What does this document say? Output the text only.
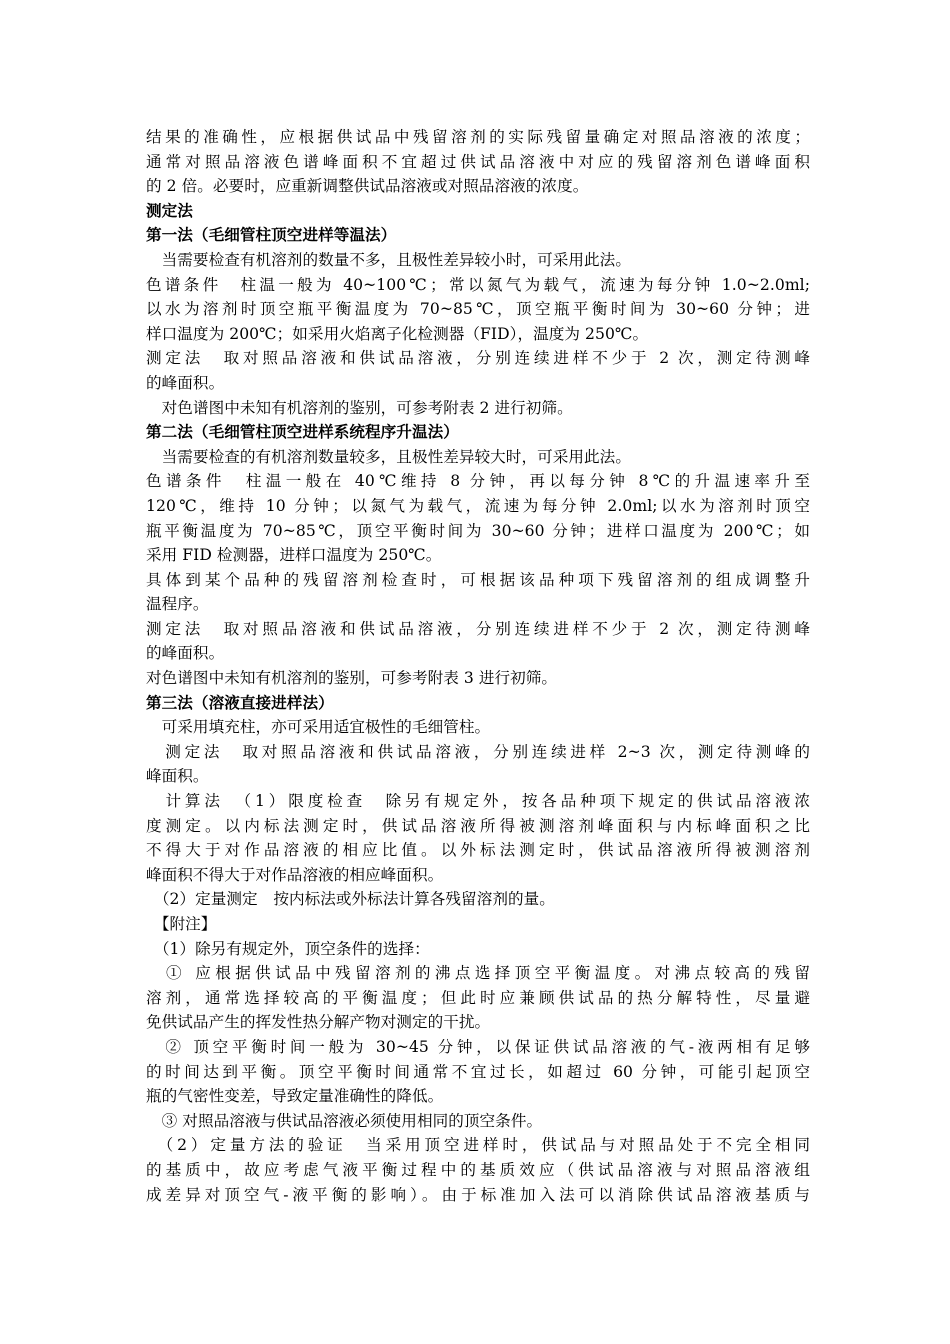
结果的准确性，应根据供试品中残留溶剂的实际残留量确定对照品溶液的浓度；
通常对照品溶液色谱峰面积不宜超过供试品溶液中对应的残留溶剂色谱峰面积
的 2 倍。必要时，应重新调整供试品溶液或对照品溶液的浓度。
测定法
第一法（毛细管柱顶空进样等温法）
　当需要检查有机溶剂的数量不多，且极性差异较小时，可采用此法。
色谱条件　柱温一般为 40~100℃；常以氮气为载气，流速为每分钟 1.0~2.0ml;
以水为溶剂时顶空瓶平衡温度为 70~85℃，顶空瓶平衡时间为 30~60 分钟；进
样口温度为 200℃；如采用火焰离子化检测器（FID），温度为 250℃。
测定法　取对照品溶液和供试品溶液，分别连续进样不少于 2 次，测定待测峰
的峰面积。
　对色谱图中未知有机溶剂的鉴别，可参考附表 2 进行初筛。
第二法（毛细管柱顶空进样系统程序升温法）
　当需要检查的有机溶剂数量较多，且极性差异较大时，可采用此法。
色谱条件　柱温一般在 40℃维持 8 分钟，再以每分钟 8℃的升温速率升至
120℃，维持 10 分钟；以氮气为载气，流速为每分钟 2.0ml;以水为溶剂时顶空
瓶平衡温度为 70~85℃，顶空平衡时间为 30~60 分钟；进样口温度为 200℃；如
采用 FID 检测器，进样口温度为 250℃。
具体到某个品种的残留溶剂检查时，可根据该品种项下残留溶剂的组成调整升
温程序。
测定法　取对照品溶液和供试品溶液，分别连续进样不少于 2 次，测定待测峰
的峰面积。
对色谱图中未知有机溶剂的鉴别，可参考附表 3 进行初筛。
第三法（溶液直接进样法）
　可采用填充柱，亦可采用适宜极性的毛细管柱。
　测定法　取对照品溶液和供试品溶液，分别连续进样 2~3 次，测定待测峰的
峰面积。
　计算法　（1）限度检查　除另有规定外，按各品种项下规定的供试品溶液浓
度测定。以内标法测定时，供试品溶液所得被测溶剂峰面积与内标峰面积之比
不得大于对作品溶液的相应比值。以外标法测定时，供试品溶液所得被测溶剂
峰面积不得大于对作品溶液的相应峰面积。
　（2）定量测定　按内标法或外标法计算各残留溶剂的量。
　【附注】
　（1）除另有规定外，顶空条件的选择：
　① 应根据供试品中残留溶剂的沸点选择顶空平衡温度。对沸点较高的残留
溶剂，通常选择较高的平衡温度；但此时应兼顾供试品的热分解特性，尽量避
免供试品产生的挥发性热分解产物对测定的干扰。
　② 顶空平衡时间一般为 30~45 分钟，以保证供试品溶液的气-液两相有足够
的时间达到平衡。顶空平衡时间通常不宜过长，如超过 60 分钟，可能引起顶空
瓶的气密性变差，导致定量准确性的降低。
　③ 对照品溶液与供试品溶液必须使用相同的顶空条件。
　（2）定量方法的验证　当采用顶空进样时，供试品与对照品处于不完全相同
的基质中，故应考虑气液平衡过程中的基质效应（供试品溶液与对照品溶液组
成差异对顶空气-液平衡的影响）。由于标准加入法可以消除供试品溶液基质与
